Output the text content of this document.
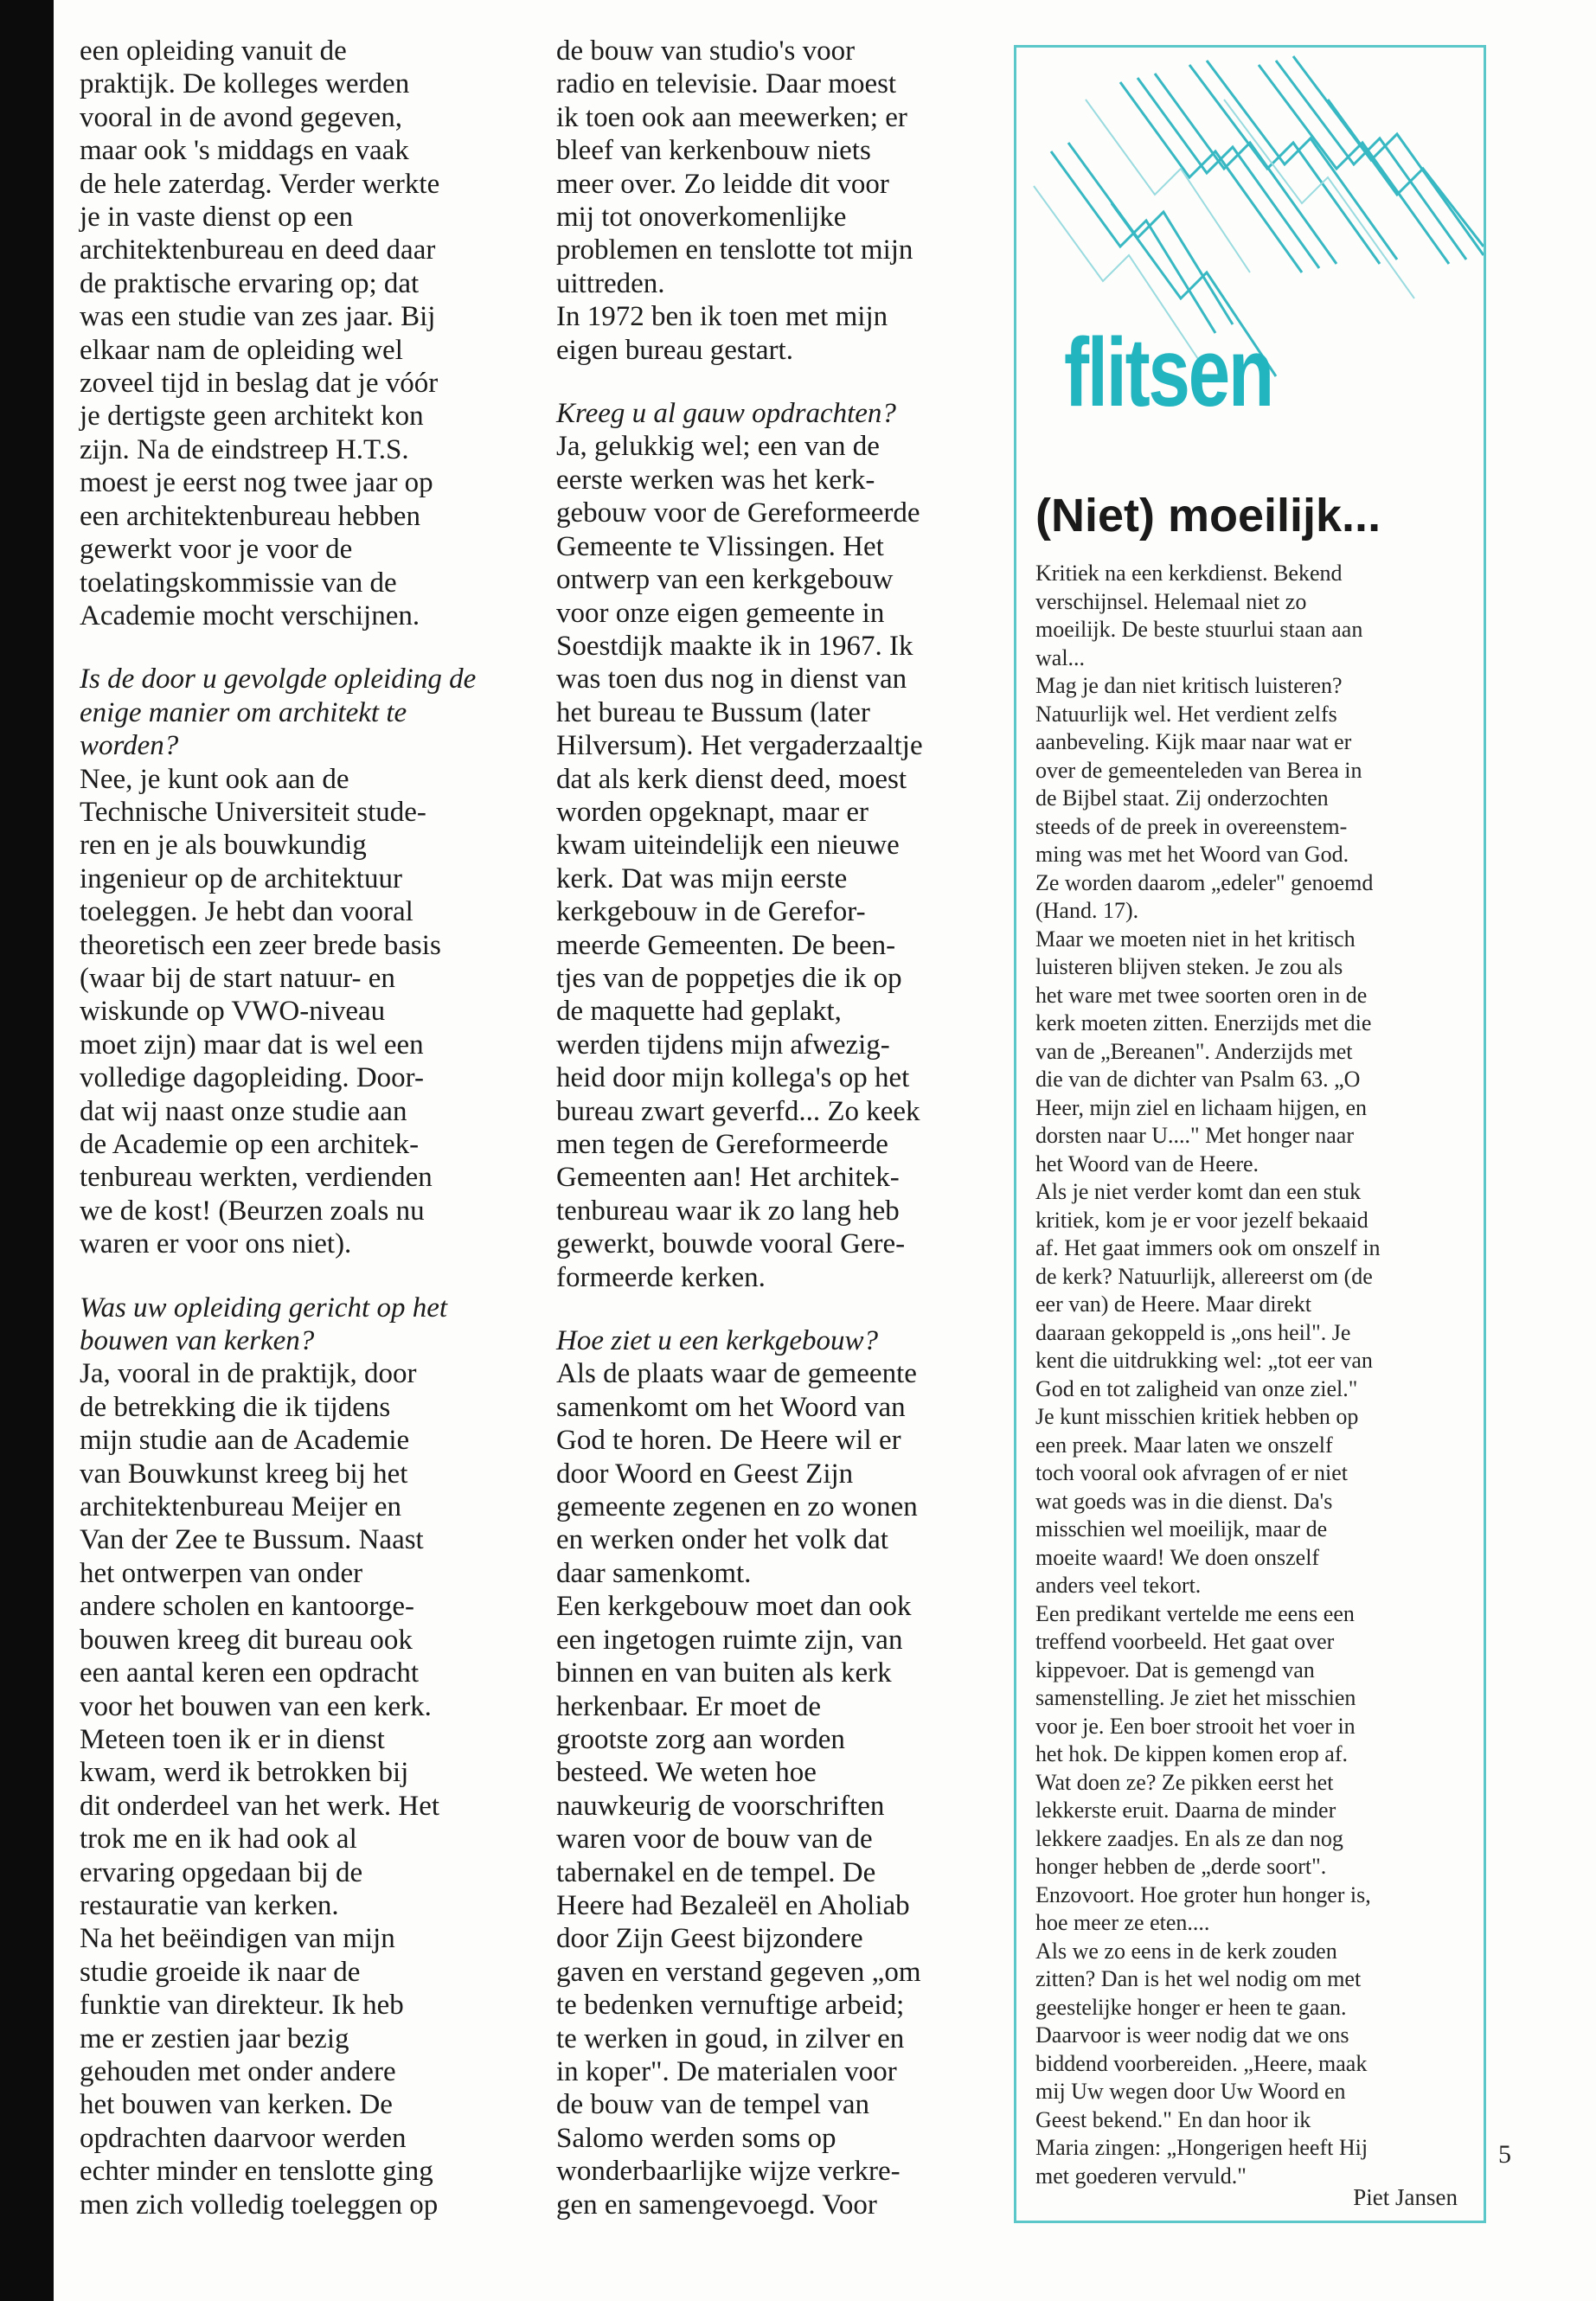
een opleiding vanuit de
praktijk. De kolleges werden
vooral in de avond gegeven,
maar ook 's middags en vaak
de hele zaterdag. Verder werkte
je in vaste dienst op een
architektenbureau en deed daar
de praktische ervaring op; dat
was een studie van zes jaar. Bij
elkaar nam de opleiding wel
zoveel tijd in beslag dat je vóór
je dertigste geen architekt kon
zijn. Na de eindstreep H.T.S.
moest je eerst nog twee jaar op
een architektenbureau hebben
gewerkt voor je voor de
toelatingskommissie van de
Academie mocht verschijnen.

Is de door u gevolgde opleiding de
enige manier om architekt te
worden?

Nee, je kunt ook aan de
Technische Universiteit stude-
ren en je als bouwkundig
ingenieur op de architektuur
toeleggen. Je hebt dan vooral
theoretisch een zeer brede basis
(waar bij de start natuur- en
wiskunde op VWO-niveau
moet zijn) maar dat is wel een
volledige dagopleiding. Door-
dat wij naast onze studie aan
de Academie op een architek-
tenbureau werkten, verdienden
we de kost! (Beurzen zoals nu
waren er voor ons niet).

Was uw opleiding gericht op het
bouwen van kerken?

Ja, vooral in de praktijk, door
de betrekking die ik tijdens
mijn studie aan de Academie
van Bouwkunst kreeg bij het
architektenbureau Meijer en
Van der Zee te Bussum. Naast
het ontwerpen van onder
andere scholen en kantoorge-
bouwen kreeg dit bureau ook
een aantal keren een opdracht
voor het bouwen van een kerk.
Meteen toen ik er in dienst
kwam, werd ik betrokken bij
dit onderdeel van het werk. Het
trok me en ik had ook al
ervaring opgedaan bij de
restauratie van kerken.

Na het beëindigen van mijn
studie groeide ik naar de
funktie van direkteur. Ik heb
me er zestien jaar bezig
gehouden met onder andere
het bouwen van kerken. De
opdrachten daarvoor werden
echter minder en tenslotte ging
men zich volledig toeleggen op

de bouw van studio's voor
radio en televisie. Daar moest
ik toen ook aan meewerken; er
bleef van kerkenbouw niets
meer over. Zo leidde dit voor
mij tot onoverkomenlijke
problemen en tenslotte tot mijn
uittreden.

In 1972 ben ik toen met mijn
eigen bureau gestart.

Kreeg u al gauw opdrachten?

Ja, gelukkig wel; een van de
eerste werken was het kerk-
gebouw voor de Gereformeerde
Gemeente te Vlissingen. Het
ontwerp van een kerkgebouw
voor onze eigen gemeente in
Soestdijk maakte ik in 1967. Ik
was toen dus nog in dienst van
het bureau te Bussum (later
Hilversum). Het vergaderzaaltje
dat als kerk dienst deed, moest
worden opgeknapt, maar er
kwam uiteindelijk een nieuwe
kerk. Dat was mijn eerste
kerkgebouw in de Gerefor-
meerde Gemeenten. De been-
tjes van de poppetjes die ik op
de maquette had geplakt,
werden tijdens mijn afwezig-
heid door mijn kollega's op het
bureau zwart geverfd... Zo keek
men tegen de Gereformeerde
Gemeenten aan! Het architek-
tenbureau waar ik zo lang heb
gewerkt, bouwde vooral Gere-
formeerde kerken.

Hoe ziet u een kerkgebouw?

Als de plaats waar de gemeente
samenkomt om het Woord van
God te horen. De Heere wil er
door Woord en Geest Zijn
gemeente zegenen en zo wonen
en werken onder het volk dat
daar samenkomt.

Een kerkgebouw moet dan ook
een ingetogen ruimte zijn, van
binnen en van buiten als kerk
herkenbaar. Er moet de
grootste zorg aan worden
besteed. We weten hoe
nauwkeurig de voorschriften
waren voor de bouw van de
tabernakel en de tempel. De
Heere had Bezaleël en Aholiab
door Zijn Geest bijzondere
gaven en verstand gegeven „om
te bedenken vernuftige arbeid;
te werken in goud, in zilver en
in koper". De materialen voor
de bouw van de tempel van
Salomo werden soms op
wonderbaarlijke wijze verkre-
gen en samengevoegd. Voor

flitsen
(Niet) moeilijk...

Kritiek na een kerkdienst. Bekend
verschijnsel. Helemaal niet zo
moeilijk. De beste stuurlui staan aan
wal...

Mag je dan niet kritisch luisteren?
Natuurlijk wel. Het verdient zelfs
aanbeveling. Kijk maar naar wat er
over de gemeenteleden van Berea in
de Bijbel staat. Zij onderzochten
steeds of de preek in overeenstem-
ming was met het Woord van God.
Ze worden daarom „edeler" genoemd
(Hand. 17).

Maar we moeten niet in het kritisch
luisteren blijven steken. Je zou als
het ware met twee soorten oren in de
kerk moeten zitten. Enerzijds met die
van de „Bereanen". Anderzijds met
die van de dichter van Psalm 63. „O
Heer, mijn ziel en lichaam hijgen, en
dorsten naar U...." Met honger naar
het Woord van de Heere.

Als je niet verder komt dan een stuk
kritiek, kom je er voor jezelf bekaaid
af. Het gaat immers ook om onszelf in
de kerk? Natuurlijk, allereerst om (de
eer van) de Heere. Maar direkt
daaraan gekoppeld is „ons heil". Je
kent die uitdrukking wel: „tot eer van
God en tot zaligheid van onze ziel."
Je kunt misschien kritiek hebben op
een preek. Maar laten we onszelf
toch vooral ook afvragen of er niet
wat goeds was in die dienst. Da's
misschien wel moeilijk, maar de
moeite waard! We doen onszelf
anders veel tekort.

Een predikant vertelde me eens een
treffend voorbeeld. Het gaat over
kippevoer. Dat is gemengd van
samenstelling. Je ziet het misschien
voor je. Een boer strooit het voer in
het hok. De kippen komen erop af.
Wat doen ze? Ze pikken eerst het
lekkerste eruit. Daarna de minder
lekkere zaadjes. En als ze dan nog
honger hebben de „derde soort".
Enzovoort. Hoe groter hun honger is,
hoe meer ze eten....

Als we zo eens in de kerk zouden
zitten? Dan is het wel nodig om met
geestelijke honger er heen te gaan.
Daarvoor is weer nodig dat we ons
biddend voorbereiden. „Heere, maak
mij Uw wegen door Uw Woord en
Geest bekend." En dan hoor ik
Maria zingen: „Hongerigen heeft Hij
met goederen vervuld."

Piet Jansen
5
